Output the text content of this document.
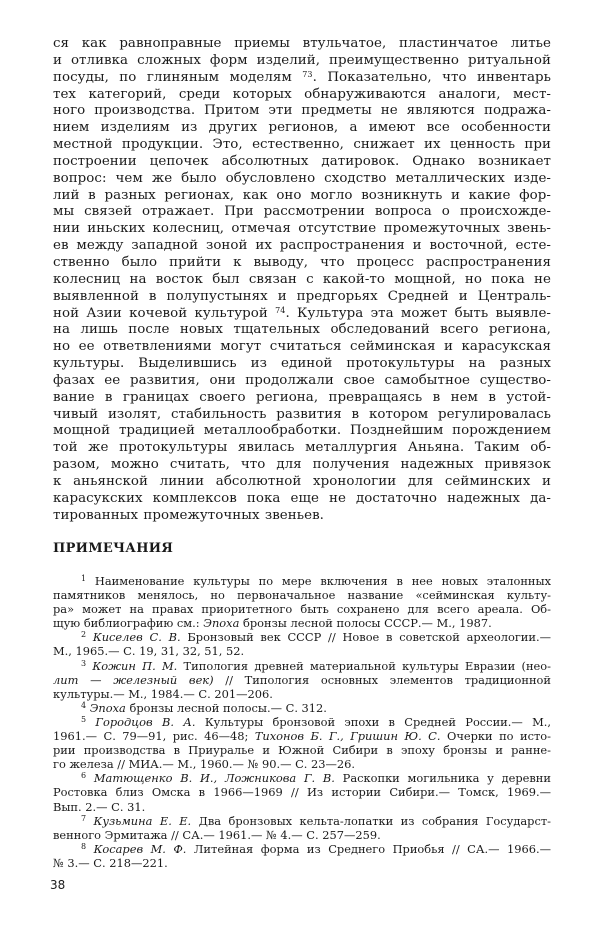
ся как равноправные приемы втульчатое, пластинчатое литье
и отливка сложных форм изделий, преимущественно ритуальной
посуды, по глиняным моделям $^{73}$. Показательно, что инвентарь
тех категорий, среди которых обнаруживаются аналоги, мест-
ного производства. Притом эти предметы не являются подража-
нием изделиям из других регионов, а имеют все особенности
местной продукции. Это, естественно, снижает их ценность при
построении цепочек абсолютных датировок. Однако возникает
вопрос: чем же было обусловлено сходство металлических изде-
лий в разных регионах, как оно могло возникнуть и какие фор-
мы связей отражает. При рассмотрении вопроса о происхожде-
нии иньских колесниц, отмечая отсутствие промежуточных звень-
ев между западной зоной их распространения и восточной, есте-
ственно было прийти к выводу, что процесс распространения
колесниц на восток был связан с какой-то мощной, но пока не
выявленной в полупустынях и предгорьях Средней и Централь-
ной Азии кочевой культурой $^{74}$. Культура эта может быть выявле-
на лишь после новых тщательных обследований всего региона,
но ее ответвлениями могут считаться сейминская и карасукская
культуры. Выделившись из единой протокультуры на разных
фазах ее развития, они продолжали свое самобытное существо-
вание в границах своего региона, превращаясь в нем в устой-
чивый изолят, стабильность развития в котором регулировалась
мощной традицией металлообработки. Позднейшим порождением
той же протокультуры явилась металлургия Аньяна. Таким об-
разом, можно считать, что для получения надежных привязок
к аньянской линии абсолютной хронологии для сейминских и
карасукских комплексов пока еще не достаточно надежных да-
тированных промежуточных звеньев.

ПРИМЕЧАНИЯ
$^1$ Наименование культуры по мере включения в нее новых эталонных
памятников менялось, но первоначальное название «сейминская культу-
ра» может на правах приоритетного быть сохранено для всего ареала. Об-
щую библиографию см.: Эпоха бронзы лесной полосы СССР.— М., 1987.
$^2$ Киселев С. В. Бронзовый век СССР // Новое в советской археологии.—
М., 1965.— С. 19, 31, 32, 51, 52.
$^3$ Кожин П. М. Типология древней материальной культуры Евразии (нео-
лит — железный век) // Типология основных элементов традиционной
культуры.— М., 1984.— С. 201—206.
$^4$ Эпоха бронзы лесной полосы.— С. 312.
$^5$ Городцов В. А. Культуры бронзовой эпохи в Средней России.— М.,
1961.— С. 79—91, рис. 46—48; Тихонов Б. Г., Гришин Ю. С. Очерки по исто-
рии производства в Приуралье и Южной Сибири в эпоху бронзы и ранне-
го железа // МИА.— М., 1960.— № 90.— С. 23—26.
$^6$ Матющенко В. И., Ложникова Г. В. Раскопки могильника у деревни
Ростовка близ Омска в 1966—1969 // Из истории Сибири.— Томск, 1969.—
Вып. 2.— С. 31.
$^7$ Кузьмина Е. Е. Два бронзовых кельта-лопатки из собрания Государст-
венного Эрмитажа // СА.— 1961.— № 4.— С. 257—259.
$^8$ Косарев М. Ф. Литейная форма из Среднего Приобья // СА.— 1966.—
№ 3.— С. 218—221.
38
